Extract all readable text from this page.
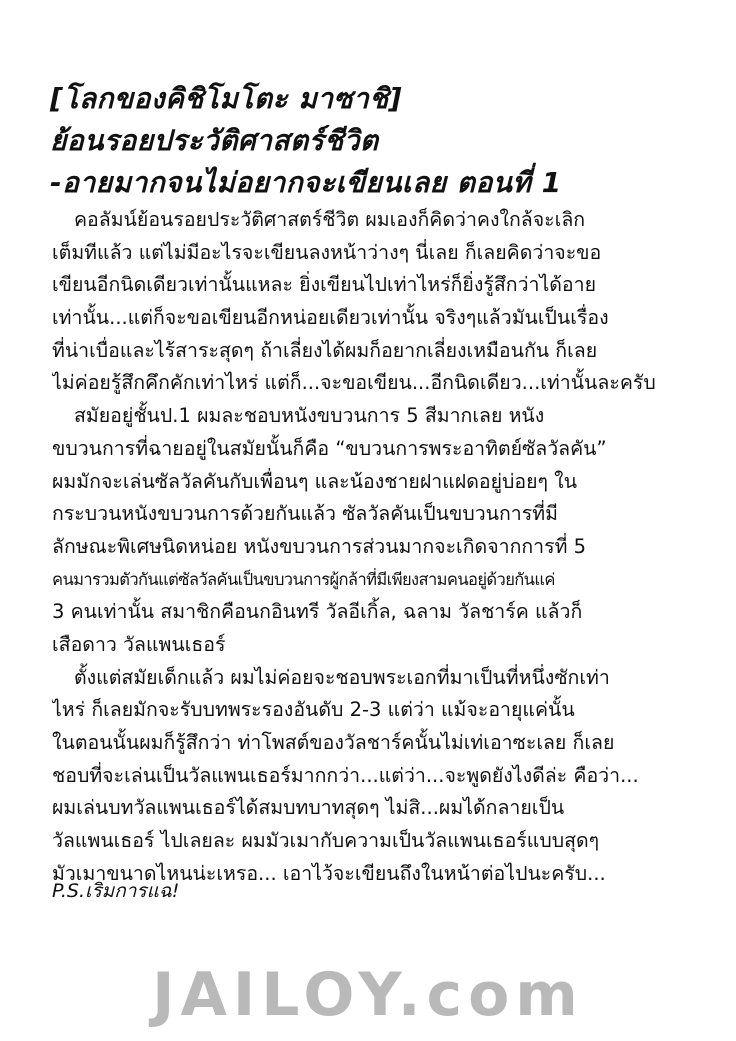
[โลกของคิชิโมโตะ มาซาชิ]
ย้อนรอยประวัติศาสตร์ชีวิต
-อายมากจนไม่อยากจะเขียนเลย ตอนที่ 1
คอลัมน์ย้อนรอยประวัติศาสตร์ชีวิต ผมเองก็คิดว่าคงใกล้จะเลิก
เต็มทีแล้ว แต่ไม่มีอะไรจะเขียนลงหน้าว่างๆ นี่เลย ก็เลยคิดว่าจะขอ
เขียนอีกนิดเดียวเท่านั้นแหละ ยิ่งเขียนไปเท่าไหร่ก็ยิ่งรู้สึกว่าได้อาย
เท่านั้น...แต่ก็จะขอเขียนอีกหน่อยเดียวเท่านั้น จริงๆแล้วมันเป็นเรื่อง
ที่น่าเบื่อและไร้สาระสุดๆ ถ้าเลี่ยงได้ผมก็อยากเลี่ยงเหมือนกัน ก็เลย
ไม่ค่อยรู้สึกคึกคักเท่าไหร่ แต่ก็...จะขอเขียน...อีกนิดเดียว...เท่านั้นละครับ
สมัยอยู่ชั้นป.1 ผมละชอบหนังขบวนการ 5 สีมากเลย หนัง
ขบวนการที่ฉายอยู่ในสมัยนั้นก็คือ “ขบวนการพระอาทิตย์ซัลวัลคัน”
ผมมักจะเล่นซัลวัลคันกับเพื่อนๆ และน้องชายฝาแฝดอยู่บ่อยๆ ใน
กระบวนหนังขบวนการด้วยกันแล้ว ซัลวัลคันเป็นขบวนการที่มี
ลักษณะพิเศษนิดหน่อย หนังขบวนการส่วนมากจะเกิดจากการที่ 5
คนมารวมตัวกันแต่ซัลวัลคันเป็นขบวนการผู้กล้าที่มีเพียงสามคนอยู่ด้วยกันแค่
3 คนเท่านั้น สมาชิกคือนกอินทรี วัลอีเกิ้ล, ฉลาม วัลชาร์ค แล้วก็
เสือดาว วัลแพนเธอร์
ตั้งแต่สมัยเด็กแล้ว ผมไม่ค่อยจะชอบพระเอกที่มาเป็นที่หนึ่งซักเท่า
ไหร่ ก็เลยมักจะรับบทพระรองอันดับ 2-3 แต่ว่า แม้จะอายุแค่นั้น
ในตอนนั้นผมก็รู้สึกว่า ท่าโพสต์ของวัลชาร์คนั้นไม่เท่เอาซะเลย ก็เลย
ชอบที่จะเล่นเป็นวัลแพนเธอร์มากกว่า...แต่ว่า...จะพูดยังไงดีล่ะ คือว่า...
ผมเล่นบทวัลแพนเธอร์ได้สมบทบาทสุดๆ ไม่สิ...ผมได้กลายเป็น
วัลแพนเธอร์ ไปเลยละ ผมมัวเมากับความเป็นวัลแพนเธอร์แบบสุดๆ
มัวเมาขนาดไหนน่ะเหรอ... เอาไว้จะเขียนถึงในหน้าต่อไปนะครับ...
P.S.เริ่มการแฉ!
JAILOY.com
